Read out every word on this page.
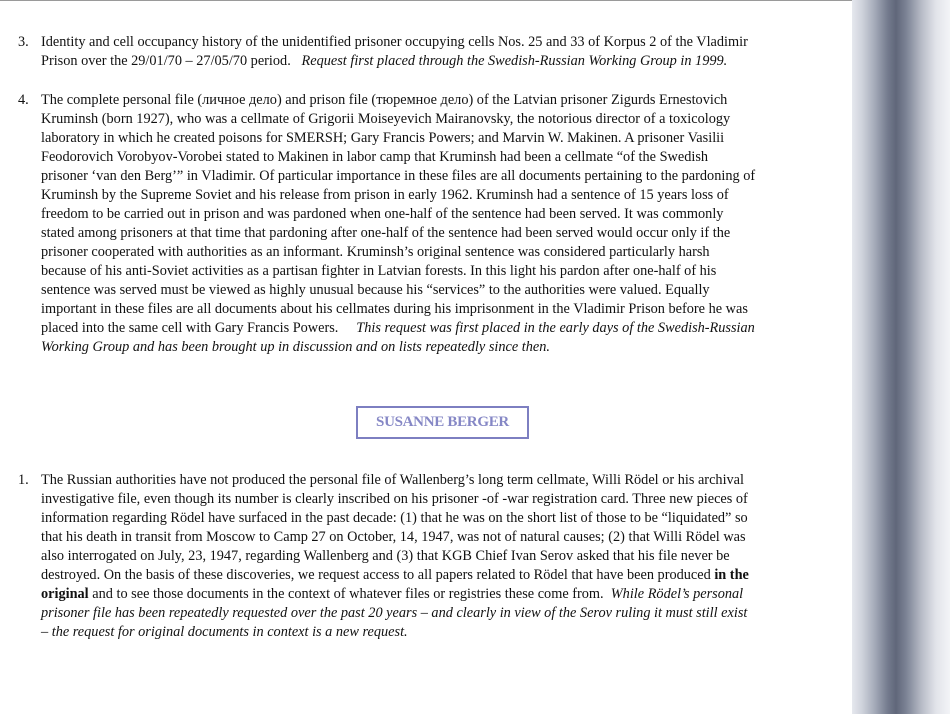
3. Identity and cell occupancy history of the unidentified prisoner occupying cells Nos. 25 and 33 of Korpus 2 of the Vladimir
Prison over the 29/01/70 – 27/05/70 period. Request first placed through the Swedish-Russian Working Group in 1999.
4. The complete personal file (личное дело) and prison file (тюремное дело) of the Latvian prisoner Zigurds Ernestovich
Kruminsh (born 1927), who was a cellmate of Grigorii Moiseyevich Mairanovsky, the notorious director of a toxicology
laboratory in which he created poisons for SMERSH; Gary Francis Powers; and Marvin W. Makinen. A prisoner Vasilii
Feodorovich Vorobyov-Vorobei stated to Makinen in labor camp that Kruminsh had been a cellmate “of the Swedish
prisoner ‘van den Berg’” in Vladimir. Of particular importance in these files are all documents pertaining to the pardoning of
Kruminsh by the Supreme Soviet and his release from prison in early 1962. Kruminsh had a sentence of 15 years loss of
freedom to be carried out in prison and was pardoned when one-half of the sentence had been served. It was commonly
stated among prisoners at that time that pardoning after one-half of the sentence had been served would occur only if the
prisoner cooperated with authorities as an informant. Kruminsh’s original sentence was considered particularly harsh
because of his anti-Soviet activities as a partisan fighter in Latvian forests. In this light his pardon after one-half of his
sentence was served must be viewed as highly unusual because his “services” to the authorities were valued. Equally
important in these files are all documents about his cellmates during his imprisonment in the Vladimir Prison before he was
placed into the same cell with Gary Francis Powers. This request was first placed in the early days of the Swedish-Russian
Working Group and has been brought up in discussion and on lists repeatedly since then.
SUSANNE BERGER
1. The Russian authorities have not produced the personal file of Wallenberg’s long term cellmate, Willi Rödel or his archival
investigative file, even though its number is clearly inscribed on his prisoner -of -war registration card. Three new pieces of
information regarding Rödel have surfaced in the past decade: (1) that he was on the short list of those to be “liquidated” so
that his death in transit from Moscow to Camp 27 on October, 14, 1947, was not of natural causes; (2) that Willi Rödel was
also interrogated on July, 23, 1947, regarding Wallenberg and (3) that KGB Chief Ivan Serov asked that his file never be
destroyed. On the basis of these discoveries, we request access to all papers related to Rödel that have been produced in the
original and to see those documents in the context of whatever files or registries these come from. While Rödel’s personal
prisoner file has been repeatedly requested over the past 20 years – and clearly in view of the Serov ruling it must still exist
– the request for original documents in context is a new request.
